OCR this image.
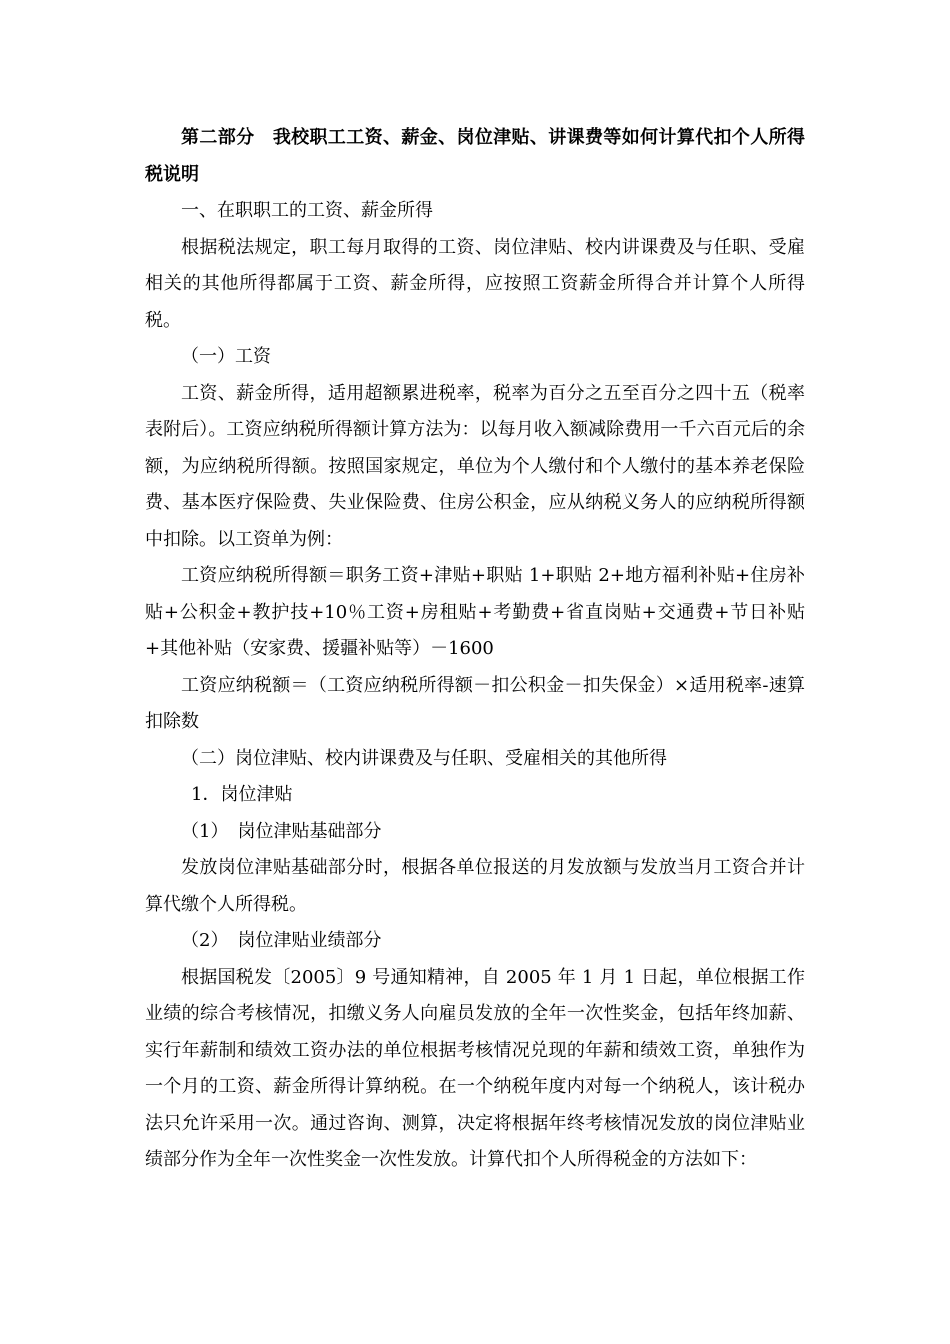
第二部分　我校职工工资、薪金、岗位津贴、讲课费等如何计算代扣个人所得税说明

一、在职职工的工资、薪金所得

根据税法规定，职工每月取得的工资、岗位津贴、校内讲课费及与任职、受雇相关的其他所得都属于工资、薪金所得，应按照工资薪金所得合并计算个人所得税。

（一）工资

工资、薪金所得，适用超额累进税率，税率为百分之五至百分之四十五（税率表附后）。工资应纳税所得额计算方法为：以每月收入额减除费用一千六百元后的余额，为应纳税所得额。按照国家规定，单位为个人缴付和个人缴付的基本养老保险费、基本医疗保险费、失业保险费、住房公积金，应从纳税义务人的应纳税所得额中扣除。以工资单为例：

工资应纳税所得额＝职务工资+津贴+职贴 1+职贴 2+地方福利补贴+住房补贴+公积金+教护技+10％工资+房租贴+考勤费+省直岗贴+交通费+节日补贴+其他补贴（安家费、援疆补贴等）－1600

工资应纳税额＝（工资应纳税所得额－扣公积金－扣失保金）×适用税率-速算扣除数

（二）岗位津贴、校内讲课费及与任职、受雇相关的其他所得

1．岗位津贴

（1）　岗位津贴基础部分

发放岗位津贴基础部分时，根据各单位报送的月发放额与发放当月工资合并计算代缴个人所得税。

（2）　岗位津贴业绩部分

根据国税发〔2005〕9 号通知精神，自 2005 年 1 月 1 日起，单位根据工作业绩的综合考核情况，扣缴义务人向雇员发放的全年一次性奖金，包括年终加薪、实行年薪制和绩效工资办法的单位根据考核情况兑现的年薪和绩效工资，单独作为一个月的工资、薪金所得计算纳税。在一个纳税年度内对每一个纳税人，该计税办法只允许采用一次。通过咨询、测算，决定将根据年终考核情况发放的岗位津贴业绩部分作为全年一次性奖金一次性发放。计算代扣个人所得税金的方法如下：
